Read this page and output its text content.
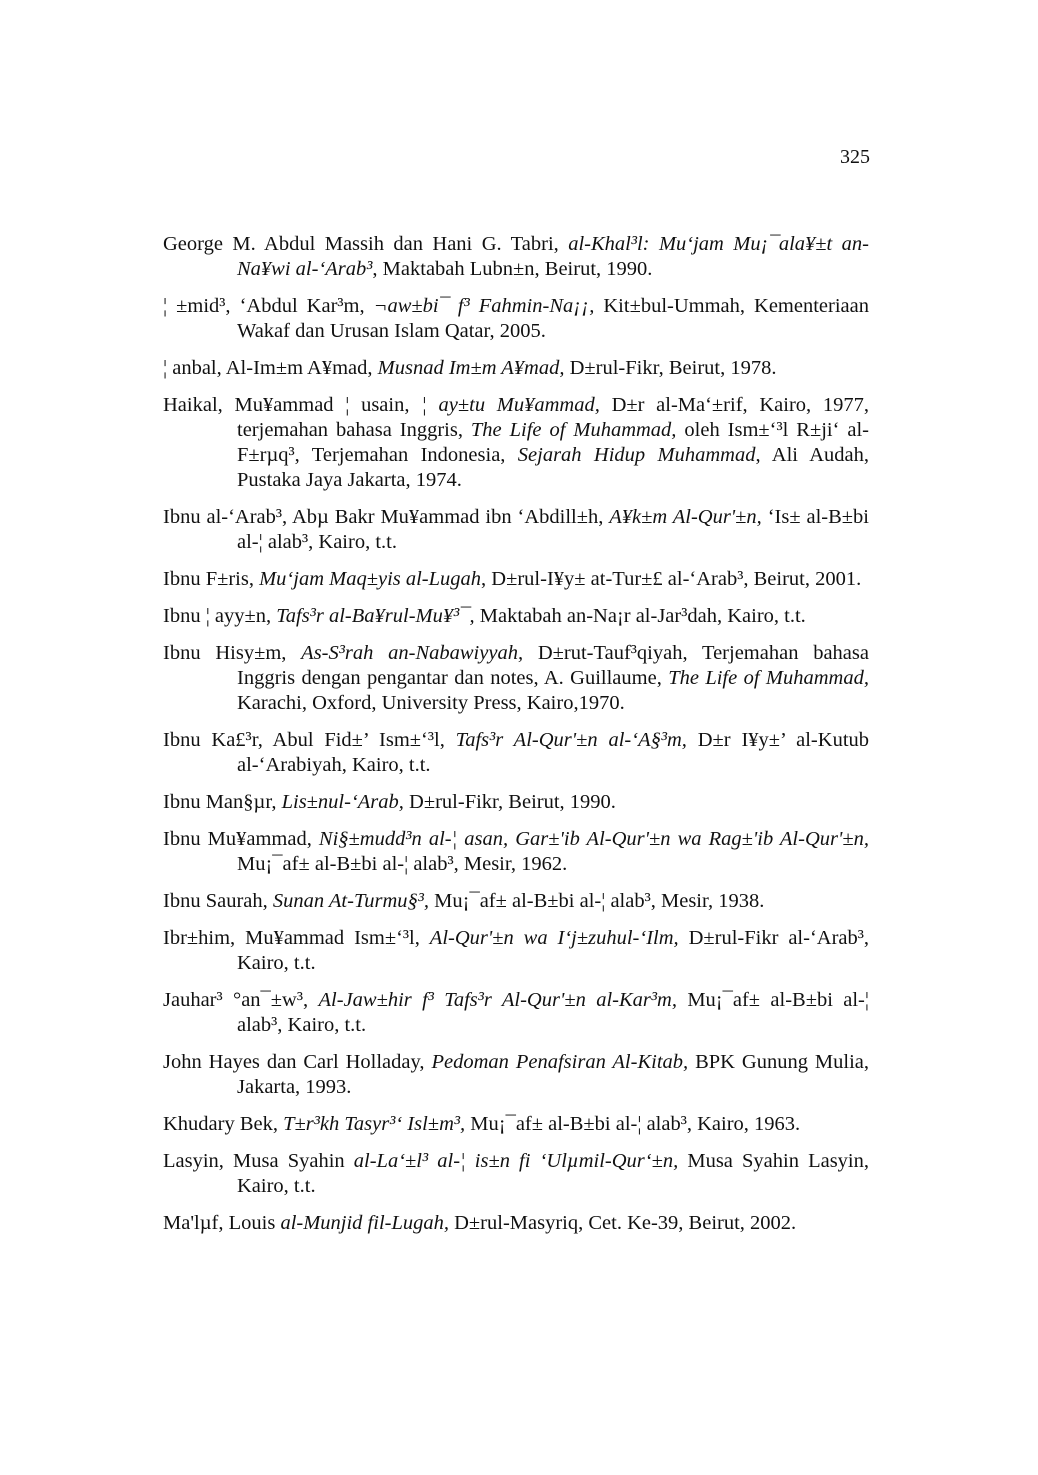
325

George M. Abdul Massih dan Hani G. Tabri, al-Khal³l: Mu‘jam Mu¡¯ala¥±t an-Na¥wi al-‘Arab³, Maktabah Lubn±n, Beirut, 1990.

¦ ±mid³, ‘Abdul Kar³m, ¬aw±bi¯ f³ Fahmin-Na¡¡, Kit±bul-Ummah, Kementeriaan Wakaf dan Urusan Islam Qatar, 2005.

¦ anbal, Al-Im±m A¥mad, Musnad Im±m A¥mad, D±rul-Fikr, Beirut, 1978.

Haikal, Mu¥ammad ¦ usain, ¦ ay±tu Mu¥ammad, D±r al-Ma‘±rif, Kairo, 1977, terjemahan bahasa Inggris, The Life of Muhammad, oleh Ism±‘³l R±ji‘ al-F±rµq³, Terjemahan Indonesia, Sejarah Hidup Muhammad, Ali Audah, Pustaka Jaya Jakarta, 1974.

Ibnu al-‘Arab³, Abµ Bakr Mu¥ammad ibn ‘Abdill±h, A¥k±m Al-Qur'±n, ‘Is± al-B±bi al-¦ alab³, Kairo, t.t.

Ibnu F±ris, Mu‘jam Maq±yis al-Lugah, D±rul-I¥y± at-Tur±£ al-‘Arab³, Beirut, 2001.

Ibnu ¦ ayy±n, Tafs³r al-Ba¥rul-Mu¥³¯, Maktabah an-Na¡r al-Jar³dah, Kairo, t.t.

Ibnu Hisy±m, As-S³rah an-Nabawiyyah, D±rut-Tauf³qiyah, Terjemahan bahasa Inggris dengan pengantar dan notes, A. Guillaume, The Life of Muhammad, Karachi, Oxford, University Press, Kairo,1970.

Ibnu Ka£³r, Abul Fid±’ Ism±‘³l, Tafs³r Al-Qur'±n al-‘A§³m, D±r I¥y±’ al-Kutub al-‘Arabiyah, Kairo, t.t.

Ibnu Man§µr, Lis±nul-‘Arab, D±rul-Fikr, Beirut, 1990.

Ibnu Mu¥ammad, Ni§±mudd³n al-¦ asan, Gar±'ib Al-Qur'±n wa Rag±'ib Al-Qur'±n, Mu¡¯af± al-B±bi al-¦ alab³, Mesir, 1962.

Ibnu Saurah, Sunan At-Turmu§³, Mu¡¯af± al-B±bi al-¦ alab³, Mesir, 1938.

Ibr±him, Mu¥ammad Ism±‘³l, Al-Qur'±n wa I‘j±zuhul-‘Ilm, D±rul-Fikr al-‘Arab³, Kairo, t.t.

Jauhar³ °an¯±w³, Al-Jaw±hir f³ Tafs³r Al-Qur'±n al-Kar³m, Mu¡¯af± al-B±bi al-¦ alab³, Kairo, t.t.

John Hayes dan Carl Holladay, Pedoman Penafsiran Al-Kitab, BPK Gunung Mulia, Jakarta, 1993.

Khudary Bek, T±r³kh Tasyr³‘ Isl±m³, Mu¡¯af± al-B±bi al-¦ alab³, Kairo, 1963.

Lasyin, Musa Syahin al-La‘±l³ al-¦ is±n fi ‘Ulµmil-Qur‘±n, Musa Syahin Lasyin, Kairo, t.t.

Ma'lµf, Louis al-Munjid fil-Lugah, D±rul-Masyriq, Cet. Ke-39, Beirut, 2002.
